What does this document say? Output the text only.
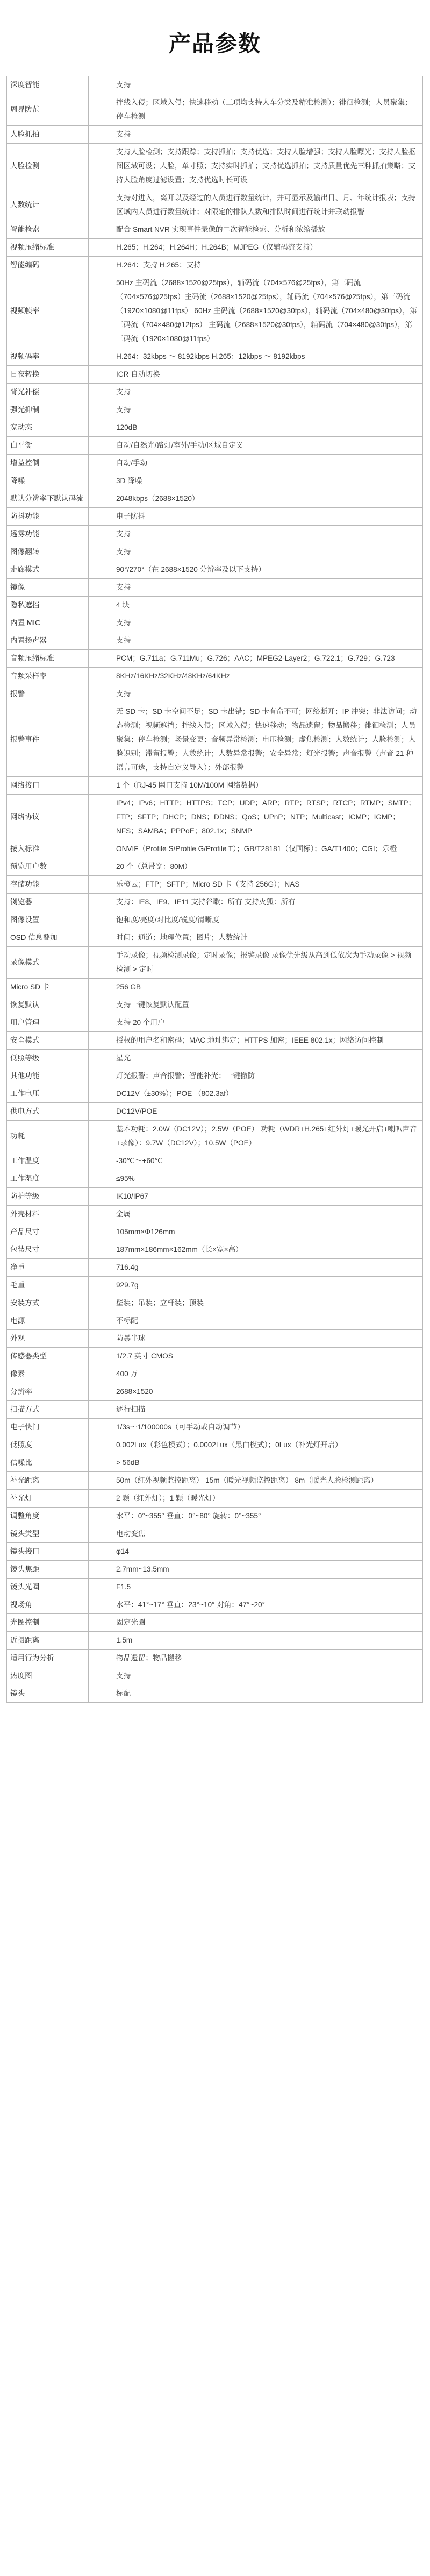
产品参数
深度智能	支持
周界防范	拌线入侵；区域入侵；快速移动（三项均支持人车分类及精准检测）；徘徊检测；人员聚集；停车检测
人脸抓拍	支持
人脸检测	支持人脸检测；支持跟踪；支持抓拍；支持优选；支持人脸增强；支持人脸曝光；支持人脸抠图区域可设；人脸，单寸照；支持实时抓拍；支持优选抓拍；支持质量优先三种抓拍策略；支持人脸角度过滤设置；支持优选时长可设
人数统计	支持对进入，离开以及经过的人员进行数量统计，并可显示及输出日、月、年统计报表；支持区域内人员进行数量统计；对限定的排队人数和排队时间进行统计并联动报警
智能检索	配合 Smart NVR 实现事件录像的二次智能检索、分析和浓缩播放
视频压缩标准	H.265；H.264；H.264H；H.264B；MJPEG（仅辅码流支持）
智能编码	H.264：支持 H.265：支持
视频帧率	50Hz 主码流（2688×1520@25fps），辅码流（704×576@25fps），第三码流（704×576@25fps）主码流（2688×1520@25fps），辅码流（704×576@25fps），第三码流（1920×1080@11fps） 60Hz 主码流（2688×1520@30fps），辅码流（704×480@30fps），第三码流（704×480@12fps） 主码流（2688×1520@30fps），辅码流（704×480@30fps），第三码流（1920×1080@11fps）
视频码率	H.264：32kbps ～ 8192kbps H.265：12kbps ～ 8192kbps
日夜转换	ICR 自动切换
背光补偿	支持
强光抑制	支持
宽动态	120dB
白平衡	自动/自然光/路灯/室外/手动/区域自定义
增益控制	自动/手动
降噪	3D 降噪
默认分辨率下默认码流	2048kbps（2688×1520）
防抖功能	电子防抖
透雾功能	支持
图像翻转	支持
走廊模式	90°/270°（在 2688×1520 分辨率及以下支持）
镜像	支持
隐私遮挡	4 块
内置 MIC	支持
内置扬声器	支持
音频压缩标准	PCM；G.711a；G.711Mu；G.726；AAC；MPEG2-Layer2；G.722.1；G.729；G.723
音频采样率	8KHz/16KHz/32KHz/48KHz/64KHz
报警	支持
报警事件	无 SD 卡；SD 卡空间不足；SD 卡出错；SD 卡有命不可；网络断开；IP 冲突；非法访问；动态检测；视频遮挡；拌线入侵；区域入侵；快速移动；物品遗留；物品搬移；徘徊检测；人员聚集；停车检测；场景变更；音频异常检测；电压检测；虚焦检测；人数统计；人脸检测；人脸识别；滞留报警；人数统计；人数异常报警；安全异常；灯光报警；声音报警（声音 21 种语言可选，支持自定义导入）；外部报警
网络接口	1 个（RJ-45 网口支持 10M/100M 网络数据）
网络协议	IPv4；IPv6；HTTP；HTTPS；TCP；UDP；ARP；RTP；RTSP；RTCP；RTMP；SMTP；FTP；SFTP；DHCP；DNS；DDNS；QoS；UPnP；NTP；Multicast；ICMP；IGMP；NFS；SAMBA；PPPoE；802.1x；SNMP
接入标准	ONVIF（Profile S/Profile G/Profile T）；GB/T28181（仅国标）；GA/T1400；CGI；乐橙
预览用户数	20 个（总带宽：80M）
存储功能	乐橙云；FTP；SFTP；Micro SD 卡（支持 256G）；NAS
浏览器	支持：IE8、IE9、IE11 支持谷歌：所有 支持火狐：所有
图像设置	饱和度/亮度/对比度/锐度/清晰度
OSD 信息叠加	时间；通道；地理位置；图片；人数统计
录像模式	手动录像；视频检测录像；定时录像；报警录像 录像优先级从高到低依次为手动录像 > 视频检测 > 定时
Micro SD 卡	256 GB
恢复默认	支持一键恢复默认配置
用户管理	支持 20 个用户
安全模式	授权的用户名和密码；MAC 地址绑定；HTTPS 加密；IEEE 802.1x；网络访问控制
低照等级	星光
其他功能	灯光报警；声音报警；智能补光；一键撤防
工作电压	DC12V（±30%）；POE （802.3af）
供电方式	DC12V/POE
功耗	基本功耗：2.0W（DC12V）；2.5W（POE） 功耗（WDR+H.265+红外灯+暖光开启+喇叭声音+录像）：9.7W（DC12V）；10.5W（POE）
工作温度	-30℃～+60℃
工作湿度	≤95%
防护等级	IK10/IP67
外壳材料	金属
产品尺寸	105mm×Φ126mm
包装尺寸	187mm×186mm×162mm（长×宽×高）
净重	716.4g
毛重	929.7g
安装方式	壁装；吊装；立杆装；顶装
电源	不标配
外观	防暴半球
传感器类型	1/2.7 英寸 CMOS
像素	400 万
分辨率	2688×1520
扫描方式	逐行扫描
电子快门	1/3s～1/100000s（可手动或自动调节）
低照度	0.002Lux（彩色模式）；0.0002Lux（黑白模式）；0Lux（补光灯开启）
信噪比	> 56dB
补光距离	50m（红外视频监控距离） 15m（暖光视频监控距离） 8m（暖光人脸检测距离）
补光灯	2 颗（红外灯）；1 颗（暖光灯）
调整角度	水平：0°~355° 垂直：0°~80° 旋转：0°~355°
镜头类型	电动变焦
镜头接口	φ14
镜头焦距	2.7mm~13.5mm
镜头光圈	F1.5
视场角	水平：41°~17° 垂直：23°~10° 对角：47°~20°
光圈控制	固定光圈
近摄距离	1.5m
适用行为分析	物品遗留；物品搬移
热度图	支持
镜头	标配
